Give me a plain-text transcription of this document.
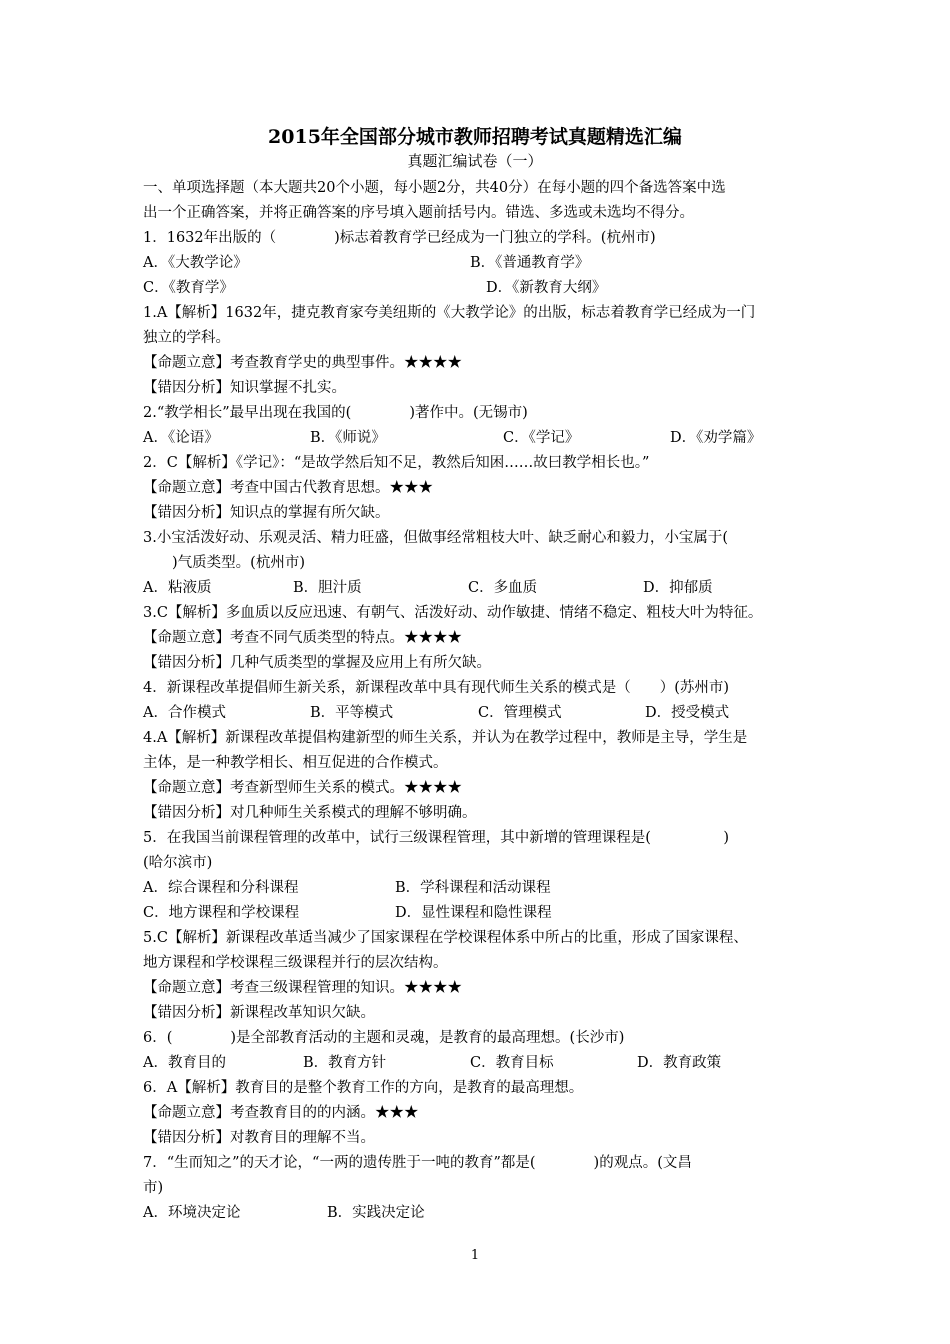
2015年全国部分城市教师招聘考试真题精选汇编
真题汇编试卷（一）
一、单项选择题（本大题共20个小题，每小题2分，共40分）在每小题的四个备选答案中选
出一个正确答案，并将正确答案的序号填入题前括号内。错选、多选或未选均不得分。
1．1632年出版的（　　　　)标志着教育学已经成为一门独立的学科。(杭州市)
A．《大教学论》	B．《普通教育学》
C．《教育学》	D．《新教育大纲》
1.A【解析】1632年，捷克教育家夸美纽斯的《大教学论》的出版，标志着教育学已经成为一门
独立的学科。
【命题立意】考查教育学史的典型事件。★★★★
【错因分析】知识掌握不扎实。
2.“教学相长”最早出现在我国的(　　　　)著作中。(无锡市)
A．《论语》	B．《师说》	C．《学记》	D．《劝学篇》
2．C【解析】《学记》：“是故学然后知不足，教然后知困……故曰教学相长也。”
【命题立意】考查中国古代教育思想。★★★
【错因分析】知识点的掌握有所欠缺。
3.小宝活泼好动、乐观灵活、精力旺盛，但做事经常粗枝大叶、缺乏耐心和毅力，小宝属于(
　　)气质类型。(杭州市)
A．粘液质	B．胆汁质	C．多血质	D．抑郁质
3.C【解析】多血质以反应迅速、有朝气、活泼好动、动作敏捷、情绪不稳定、粗枝大叶为特征。
【命题立意】考查不同气质类型的特点。★★★★
【错因分析】几种气质类型的掌握及应用上有所欠缺。
4．新课程改革提倡师生新关系，新课程改革中具有现代师生关系的模式是（　　）(苏州市)
A．合作模式	B．平等模式	C．管理模式	D．授受模式
4.A【解析】新课程改革提倡构建新型的师生关系，并认为在教学过程中，教师是主导，学生是
主体，是一种教学相长、相互促进的合作模式。
【命题立意】考查新型师生关系的模式。★★★★
【错因分析】对几种师生关系模式的理解不够明确。
5．在我国当前课程管理的改革中，试行三级课程管理，其中新增的管理课程是(　　　　　)
(哈尔滨市)
A．综合课程和分科课程	B．学科课程和活动课程
C．地方课程和学校课程	D．显性课程和隐性课程
5.C【解析】新课程改革适当减少了国家课程在学校课程体系中所占的比重，形成了国家课程、
地方课程和学校课程三级课程并行的层次结构。
【命题立意】考查三级课程管理的知识。★★★★
【错因分析】新课程改革知识欠缺。
6．(　　　　)是全部教育活动的主题和灵魂，是教育的最高理想。(长沙市)
A．教育目的	B．教育方针	C．教育目标	D．教育政策
6．A【解析】教育目的是整个教育工作的方向，是教育的最高理想。
【命题立意】考查教育目的的内涵。★★★
【错因分析】对教育目的理解不当。
7．“生而知之”的天才论，“一两的遗传胜于一吨的教育”都是(　　　　)的观点。(文昌
市)
A．环境决定论	B．实践决定论
1
